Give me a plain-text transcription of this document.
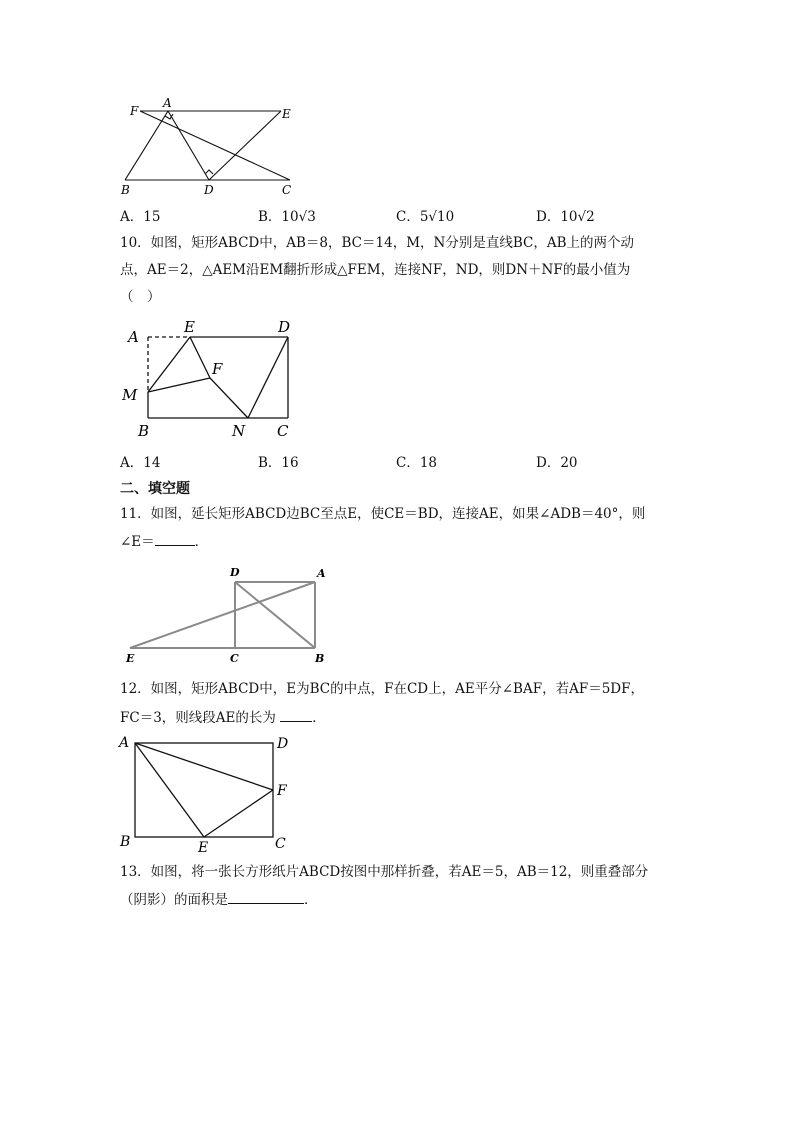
F
A
E
B	D	C
A．15	B．10√3	C．5√10	D．10√2
10．如图，矩形ABCD中，AB＝8，BC＝14，M，N分别是直线BC，AB上的两个动
点，AE＝2，△AEM沿EM翻折形成△FEM，连接NF，ND，则DN＋NF的最小值为
（　）
A
E	D
F
M
B	N C
A．14	B．16	C．18	D．20
二、填空题
11．如图，延长矩形ABCD边BC至点E，使CE＝BD，连接AE，如果∠ADB＝40°，则
∠E＝	．
D	A
E	C	B
12．如图，矩形ABCD中，E为BC的中点，F在CD上，AE平分∠BAF，若AF＝5DF，
FC＝3，则线段AE的长为	．
A	D
F
B	E	C
13．如图，将一张长方形纸片ABCD按图中那样折叠，若AE＝5，AB＝12，则重叠部分
（阴影）的面积是	．
